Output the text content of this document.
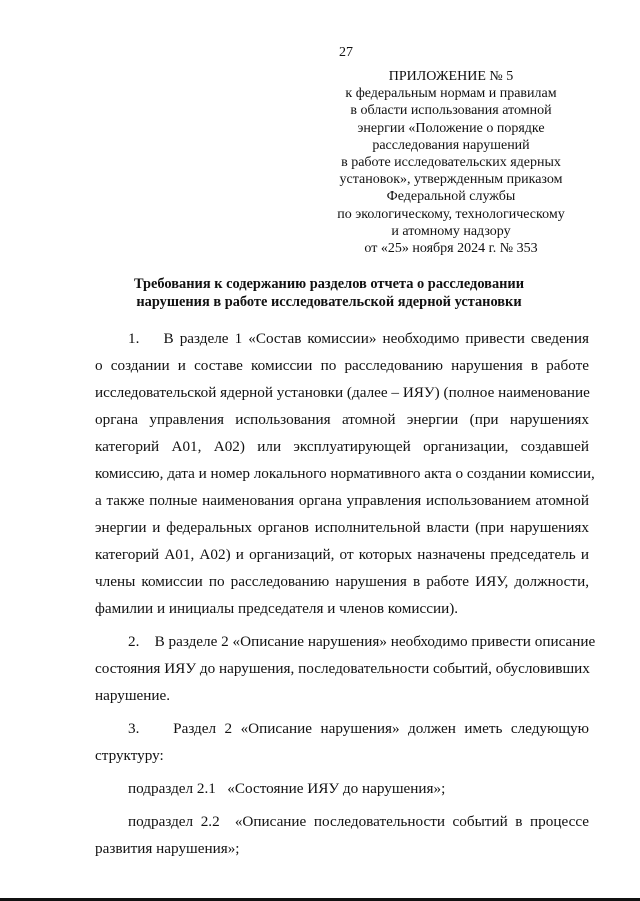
27
ПРИЛОЖЕНИЕ № 5
к федеральным нормам и правилам
в области использования атомной
энергии «Положение о порядке
расследования нарушений
в работе исследовательских ядерных
установок», утвержденным приказом
Федеральной службы
по экологическому, технологическому
и атомному надзору
от «25» ноября 2024 г. № 353
Требования к содержанию разделов отчета о расследовании
нарушения в работе исследовательской ядерной установки
1.    В разделе 1 «Состав комиссии» необходимо привести сведения
о создании и составе комиссии по расследованию нарушения в работе
исследовательской ядерной установки (далее – ИЯУ) (полное наименование
органа управления использования атомной энергии (при нарушениях
категорий А01, А02) или эксплуатирующей организации, создавшей
комиссию, дата и номер локального нормативного акта о создании комиссии,
а также полные наименования органа управления использованием атомной
энергии и федеральных органов исполнительной власти (при нарушениях
категорий А01, А02) и организаций, от которых назначены председатель и
члены комиссии по расследованию нарушения в работе ИЯУ, должности,
фамилии и инициалы председателя и членов комиссии).
2.    В разделе 2 «Описание нарушения» необходимо привести описание
состояния ИЯУ до нарушения, последовательности событий, обусловивших
нарушение.
3.    Раздел 2 «Описание нарушения» должен иметь следующую
структуру:
подраздел 2.1   «Состояние ИЯУ до нарушения»;
подраздел 2.2  «Описание последовательности событий в процессе
развития нарушения»;
